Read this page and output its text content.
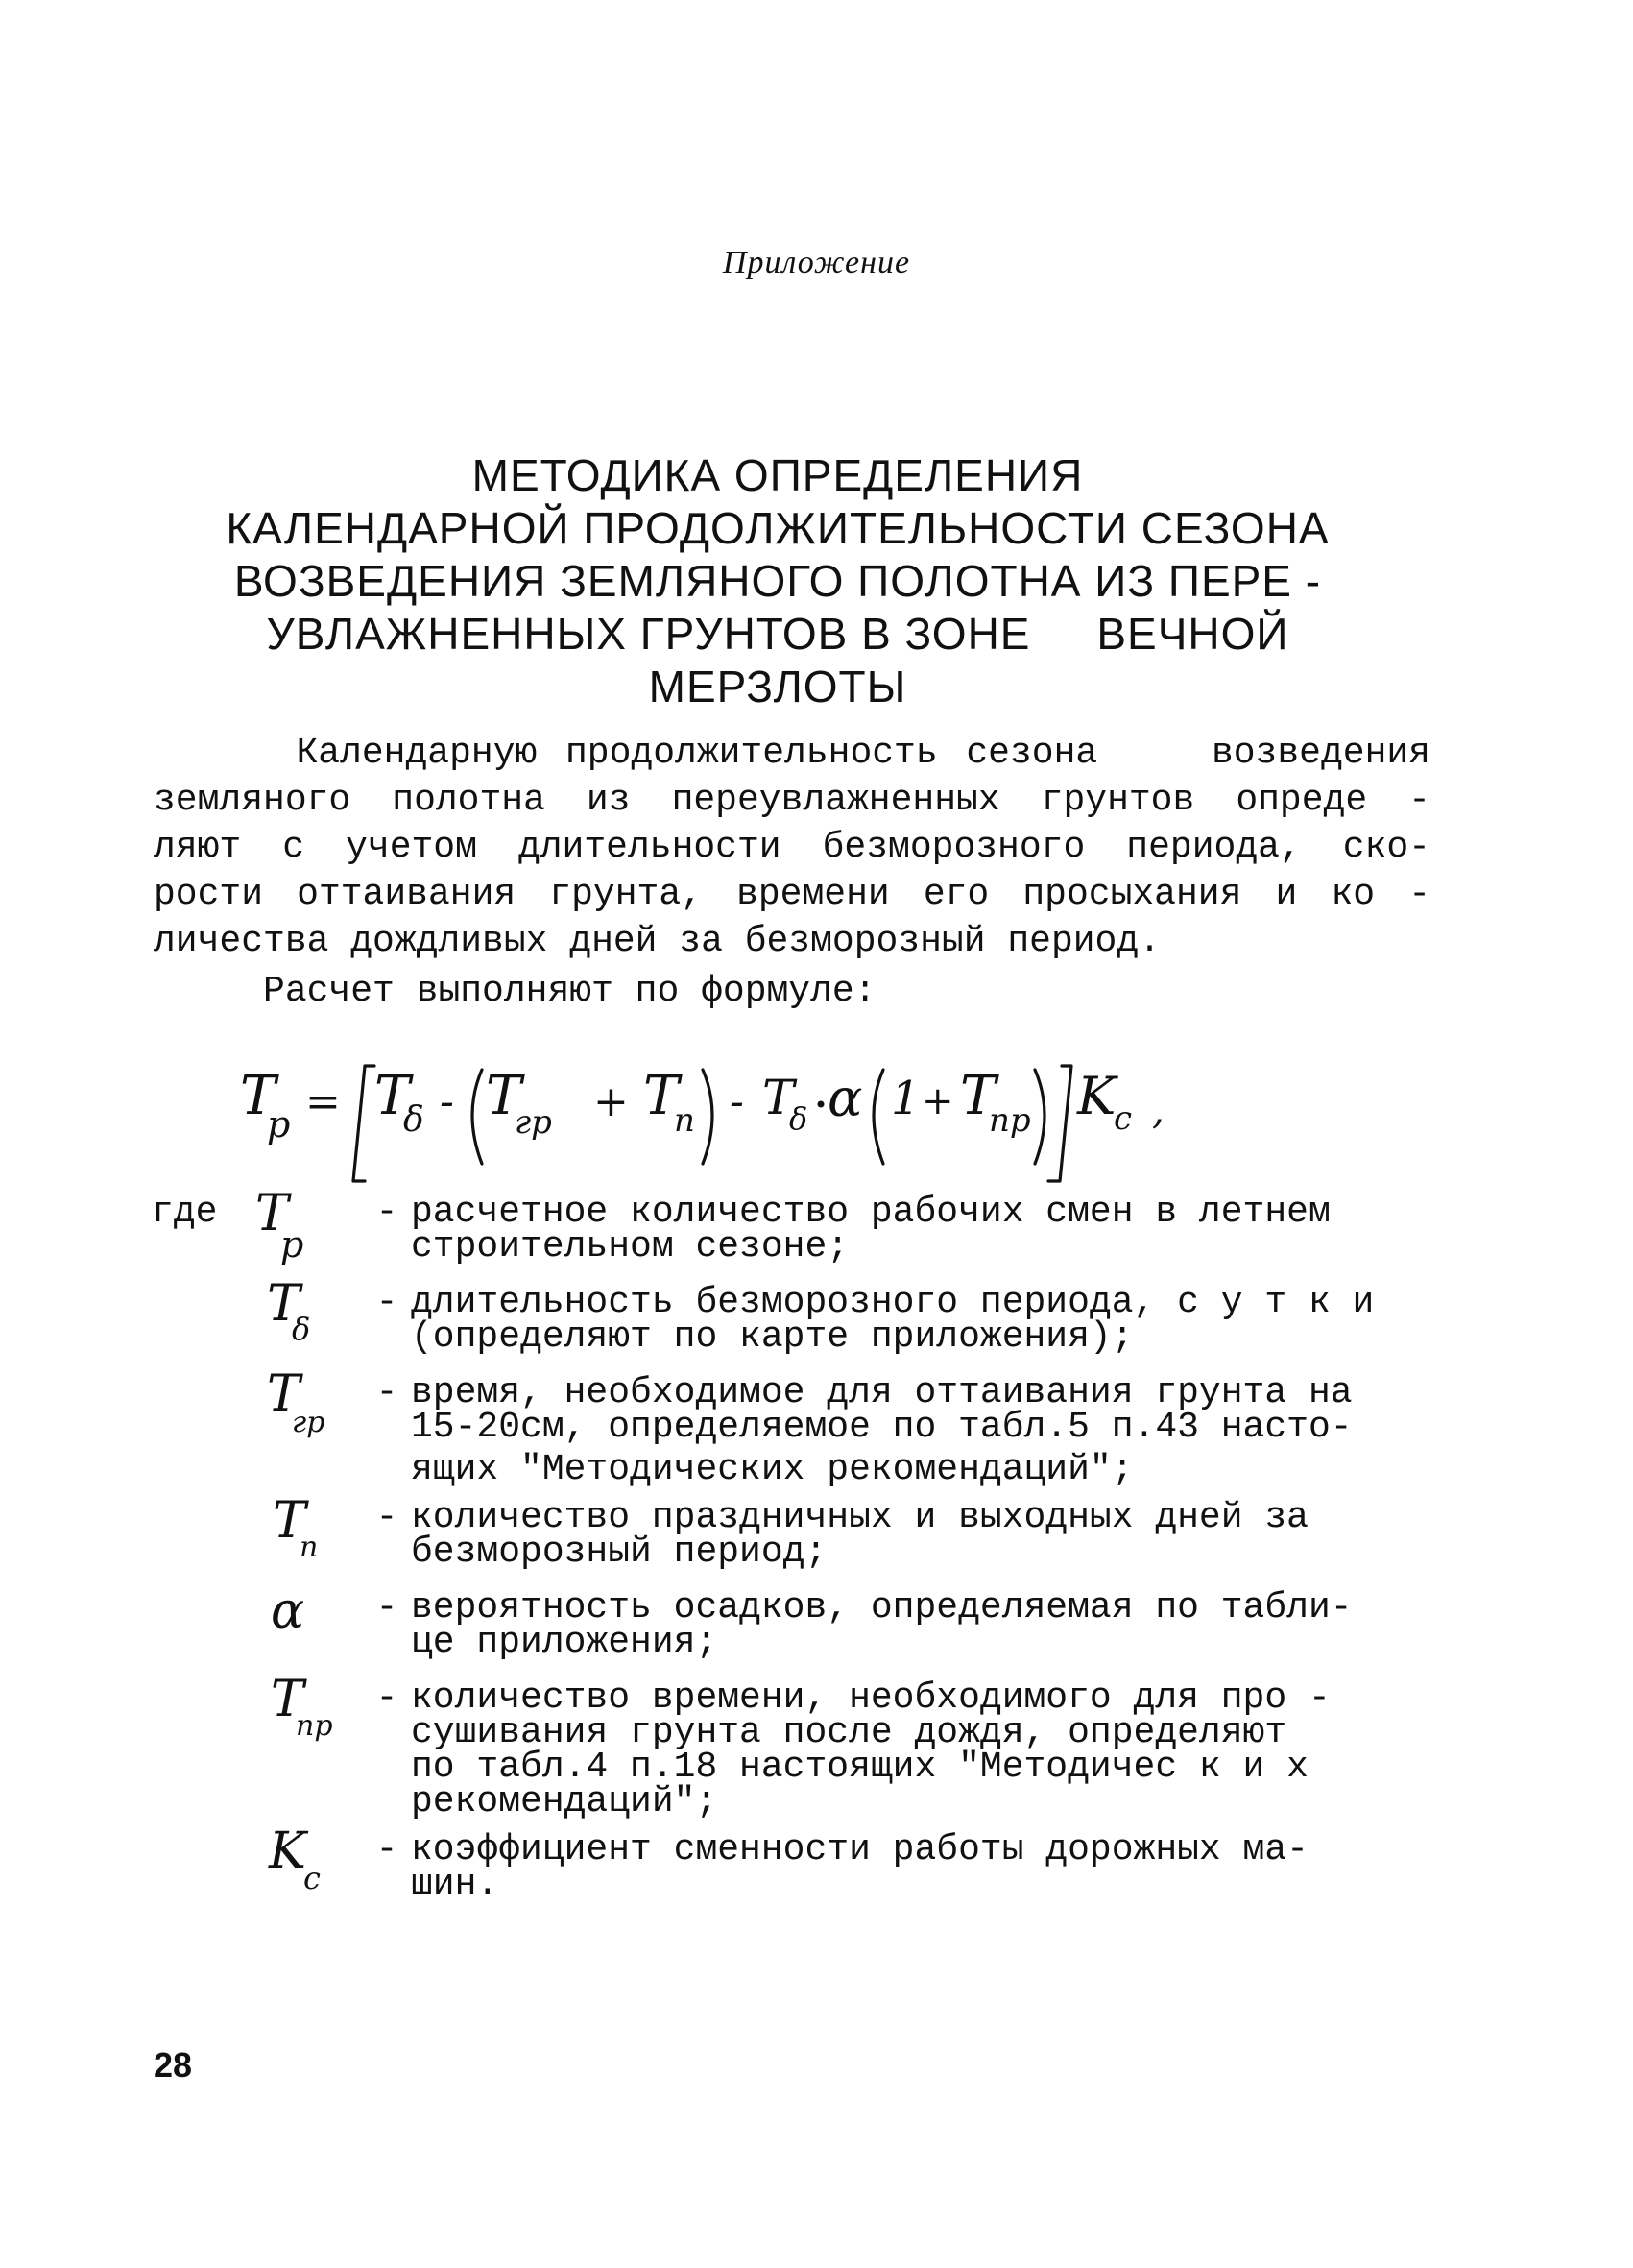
Приложение
МЕТОДИКА ОПРЕДЕЛЕНИЯ
КАЛЕНДАРНОЙ ПРОДОЛЖИТЕЛЬНОСТИ СЕЗОНА
ВОЗВЕДЕНИЯ ЗЕМЛЯНОГО ПОЛОТНА ИЗ ПЕРЕ -
УВЛАЖНЕННЫХ ГРУНТОВ В ЗОНЕ     ВЕЧНОЙ
МЕРЗЛОТЫ
Календарную продолжительность сезона    возведения
земляного полотна из переувлажненных грунтов опреде -
ляют с учетом длительности безморозного периода, ско-
рости оттаивания грунта, времени его просыхания и ко -
личества дождливых дней за безморозный период.
Расчет выполняют по формуле:
T
p = T
δ - T
гр + T
п - T
δ α 1 + T
пр K
c ,
где T
p
- расчетное количество рабочих смен в летнем
строительном сезоне;
T
δ
- длительность безморозного периода, с у т к и
(определяют по карте приложения);
T
гр
- время, необходимое для оттаивания грунта на
15-20см, определяемое по табл.5 п.43 насто-
ящих "Методических рекомендаций";
T
п
- количество праздничных и выходных дней за
безморозный период;
α	- вероятность осадков, определяемая по табли-
це приложения;
T
пр
- количество времени, необходимого для про -
сушивания грунта после дождя, определяют
по табл.4 п.18 настоящих "Методичес к и х
рекомендаций";
K
c
- коэффициент сменности работы дорожных ма-
шин.
28
